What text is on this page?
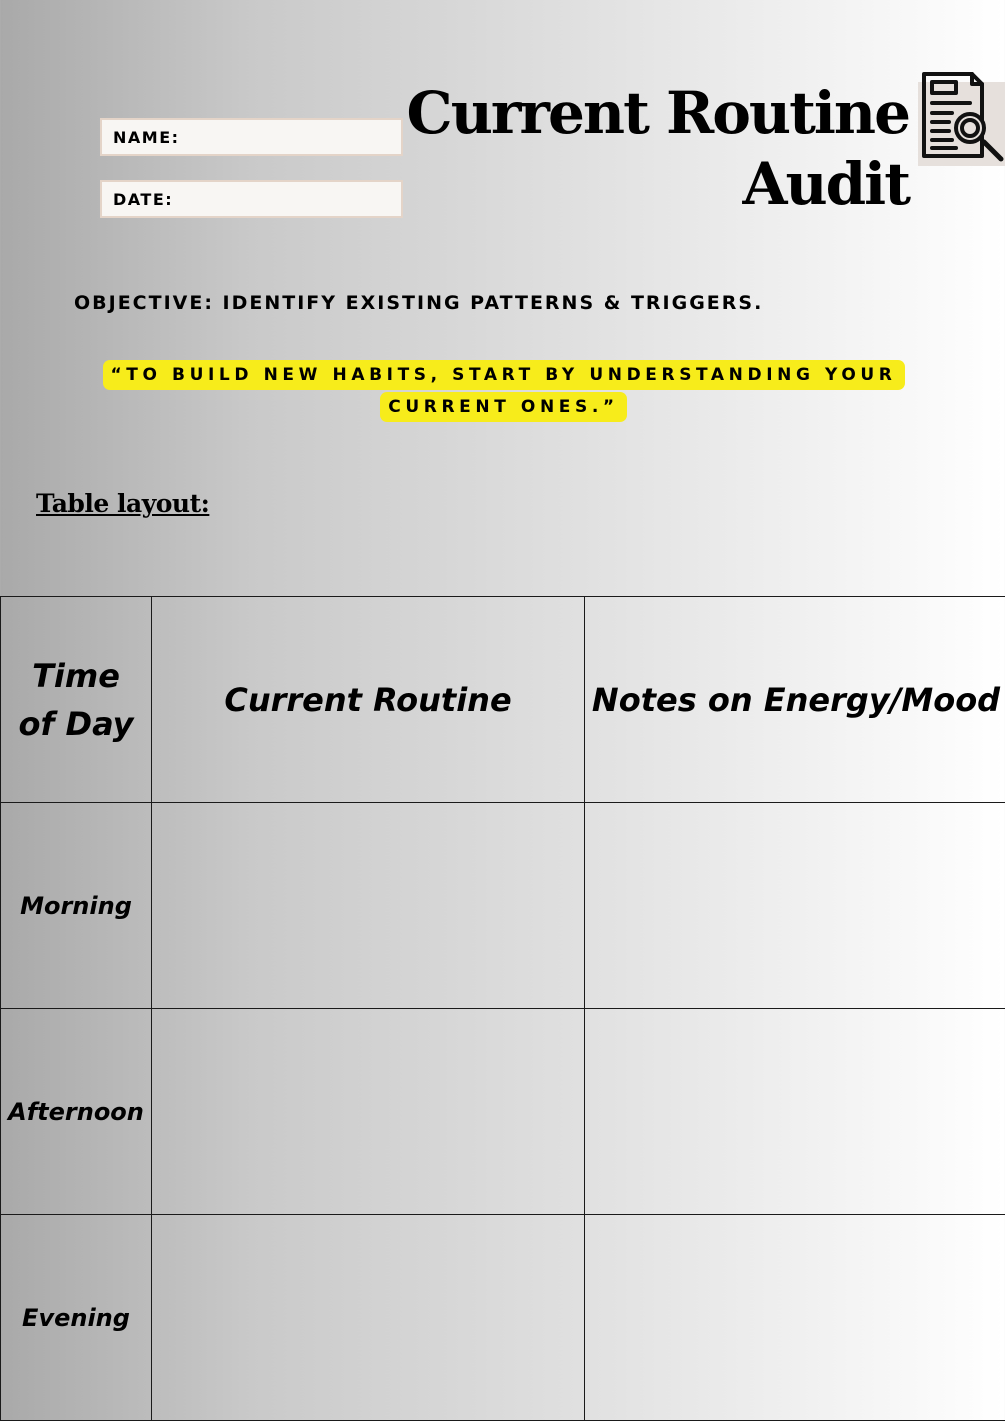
NAME:
DATE:
Current Routine
Audit
OBJECTIVE: IDENTIFY EXISTING PATTERNS & TRIGGERS.
“TO BUILD NEW HABITS, START BY UNDERSTANDING YOUR CURRENT ONES.”
Table layout:
Time of Day	Current Routine	Notes on Energy/Mood
Morning		
Afternoon		
Evening		
